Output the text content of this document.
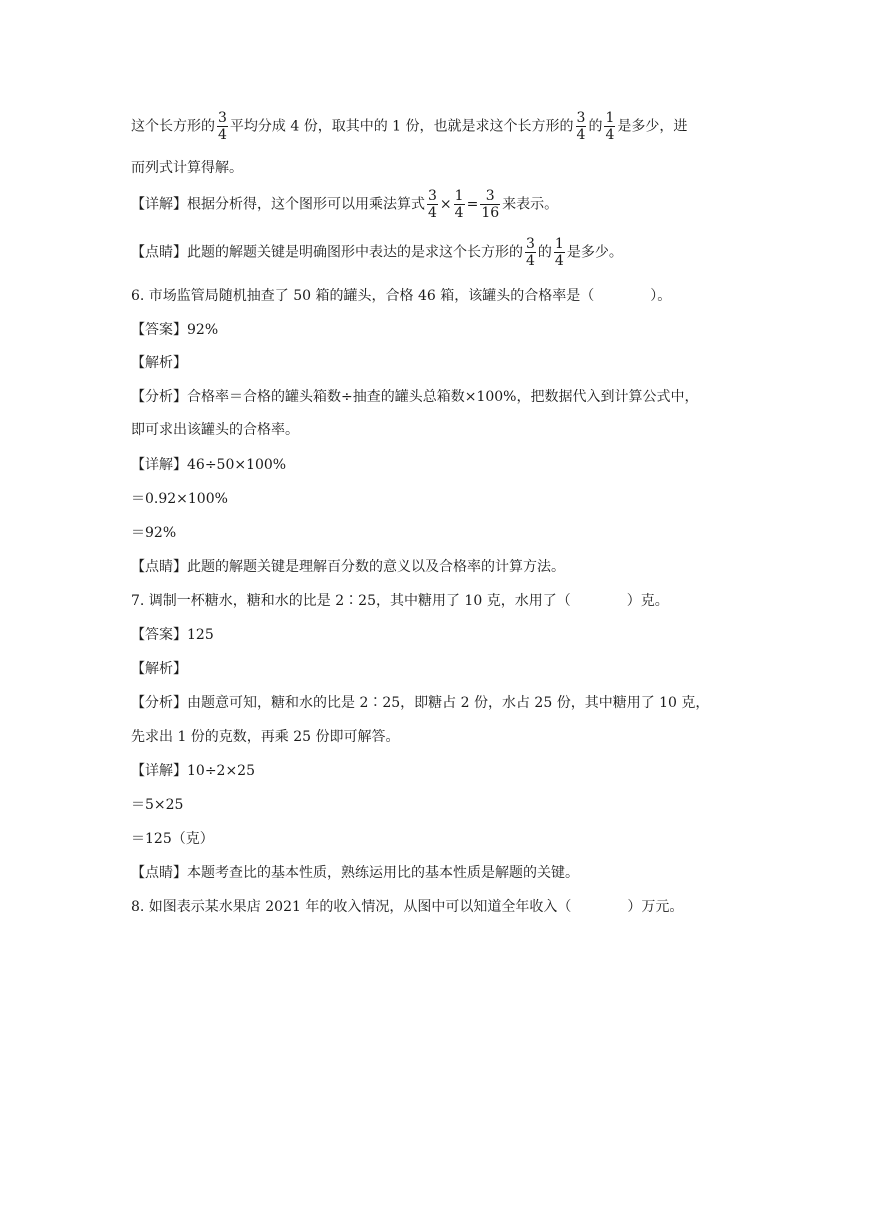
这个长方形的 $\frac{3}{4}$ 平均分成 4 份，取其中的 1 份，也就是求这个长方形的 $\frac{3}{4}$ 的 $\frac{1}{4}$ 是多少，进
而列式计算得解。
【详解】根据分析得，这个图形可以用乘法算式 $\frac{3}{4} \times \frac{1}{4} = \frac{3}{16}$ 来表示。
【点睛】此题的解题关键是明确图形中表达的是求这个长方形的 $\frac{3}{4}$ 的 $\frac{1}{4}$ 是多少。
6. 市场监管局随机抽查了 50 箱的罐头，合格 46 箱，该罐头的合格率是（	）。
【答案】92%
【解析】
【分析】合格率＝合格的罐头箱数÷抽查的罐头总箱数×100%，把数据代入到计算公式中，
即可求出该罐头的合格率。
【详解】46÷50×100%
＝0.92×100%
＝92%
【点睛】此题的解题关键是理解百分数的意义以及合格率的计算方法。
7. 调制一杯糖水，糖和水的比是 2∶25，其中糖用了 10 克，水用了（	）克。
【答案】125
【解析】
【分析】由题意可知，糖和水的比是 2∶25，即糖占 2 份，水占 25 份，其中糖用了 10 克，
先求出 1 份的克数，再乘 25 份即可解答。
【详解】10÷2×25
＝5×25
＝125（克）
【点睛】本题考查比的基本性质，熟练运用比的基本性质是解题的关键。
8. 如图表示某水果店 2021 年的收入情况，从图中可以知道全年收入（	）万元。
